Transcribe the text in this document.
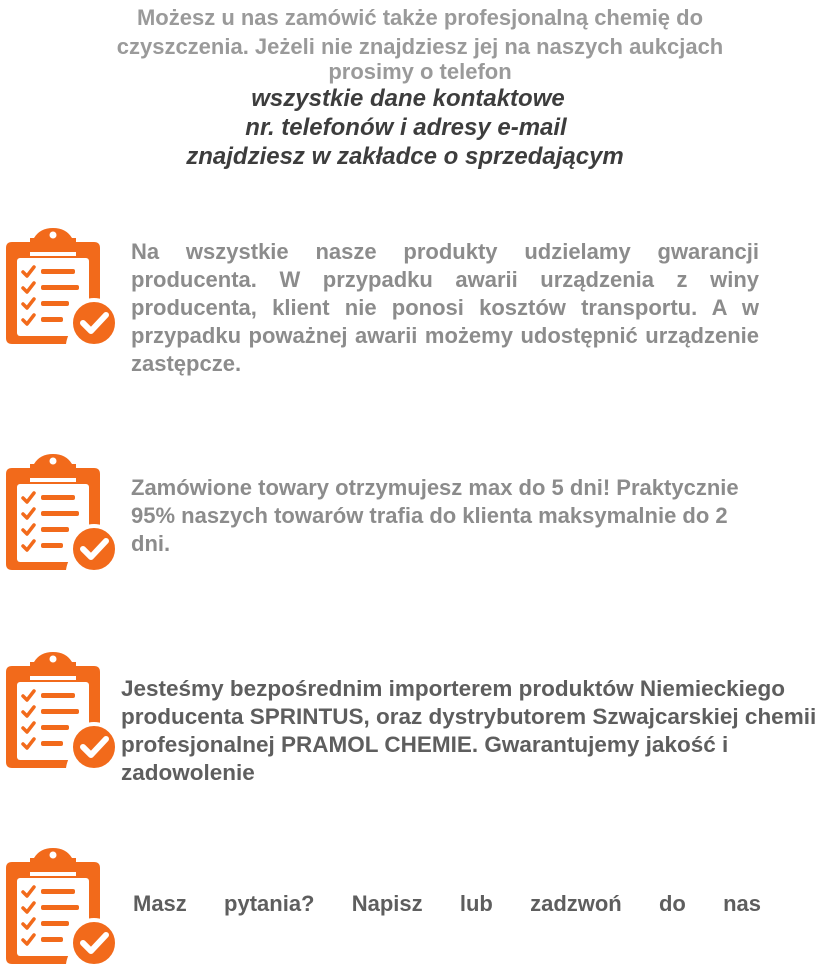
Możesz u nas zamówić także profesjonalną chemię do
czyszczenia. Jeżeli nie znajdziesz jej na naszych aukcjach
prosimy o telefon
wszystkie dane kontaktowe
nr. telefonów i adresy e-mail
znajdziesz w zakładce o sprzedającym

Na wszystkie nasze produkty udzielamy gwarancji producenta. W przypadku awarii urządzenia z winy producenta, klient nie ponosi kosztów transportu. A w przypadku poważnej awarii możemy udostępnić urządzenie zastępcze.

Zamówione towary otrzymujesz max do 5 dni! Praktycznie 95% naszych towarów trafia do klienta maksymalnie do 2 dni.

Jesteśmy bezpośrednim importerem produktów Niemieckiego producenta SPRINTUS, oraz dystrybutorem Szwajcarskiej chemii profesjonalnej PRAMOL CHEMIE. Gwarantujemy jakość i zadowolenie

Masz pytania? Napisz lub zadzwoń do nas
